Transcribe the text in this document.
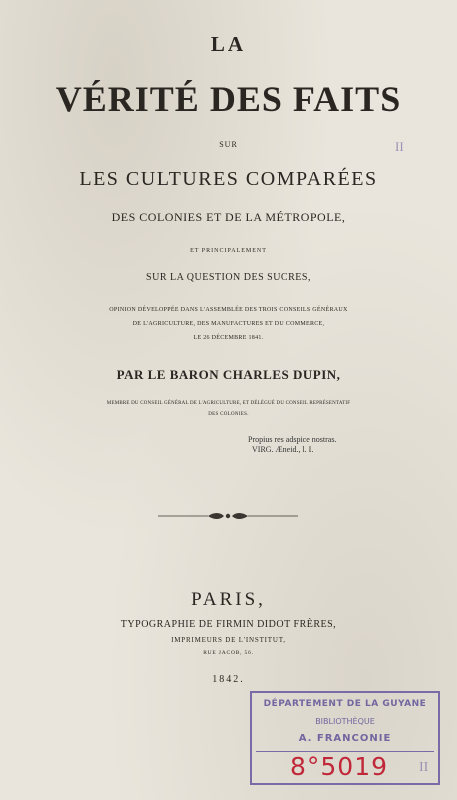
LA
VÉRITÉ DES FAITS
SUR
LES CULTURES COMPARÉES
DES COLONIES ET DE LA MÉTROPOLE,
ET PRINCIPALEMENT
SUR LA QUESTION DES SUCRES,
OPINION DÉVELOPPÉE DANS L'ASSEMBLÉE DES TROIS CONSEILS GÉNÉRAUX
DE L'AGRICULTURE, DES MANUFACTURES ET DU COMMERCE,
LE 26 DÉCEMBRE 1841.
PAR LE BARON CHARLES DUPIN,
MEMBRE DU CONSEIL GÉNÉRAL DE L'AGRICULTURE, ET DÉLÉGUÉ DU CONSEIL REPRÉSENTATIF
DES COLONIES.
Propius res adspice nostras.
VIRG. Æneid., l. I.
PARIS,
TYPOGRAPHIE DE FIRMIN DIDOT FRÈRES,
IMPRIMEURS DE L'INSTITUT,
RUE JACOB, 56.
1842.
II
DÉPARTEMENT DE LA GUYANE
BIBLIOTHÈQUE
A. FRANCONIE
8°5019 II
